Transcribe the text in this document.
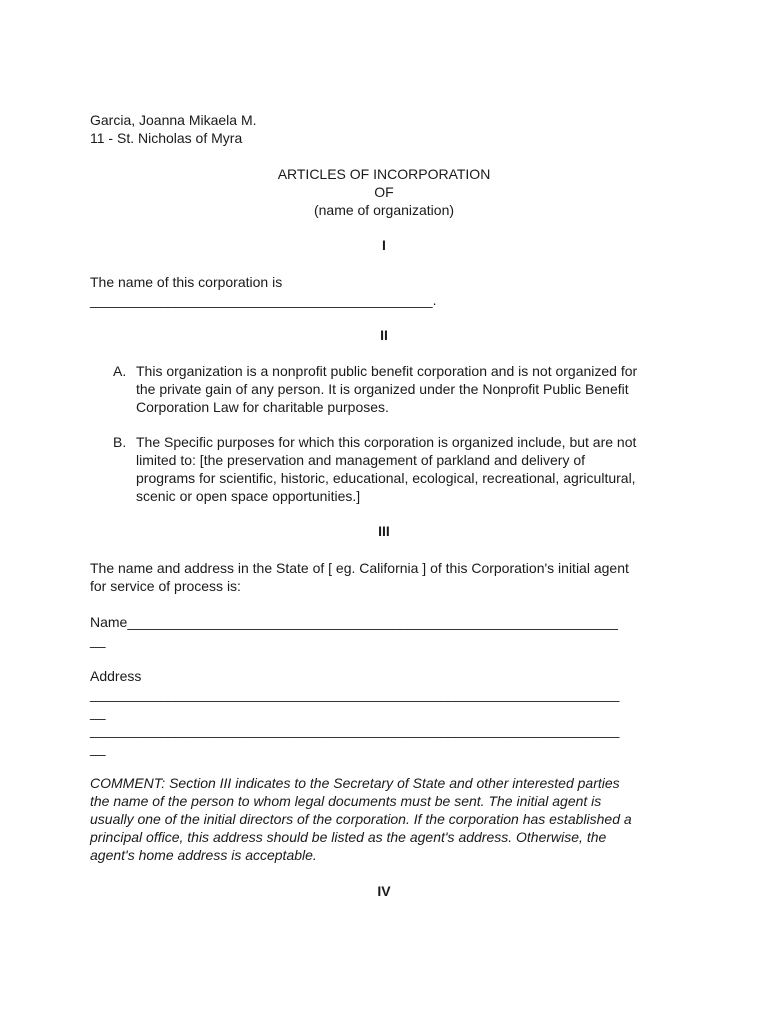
Garcia, Joanna Mikaela M.
11 - St. Nicholas of Myra
ARTICLES OF INCORPORATION
OF
(name of organization)
I
The name of this corporation is
____________________________________________.
II
A. This organization is a nonprofit public benefit corporation and is not organized for
the private gain of any person. It is organized under the Nonprofit Public Benefit
Corporation Law for charitable purposes.
B. The Specific purposes for which this corporation is organized include, but are not
limited to: [the preservation and management of parkland and delivery of
programs for scientific, historic, educational, ecological, recreational, agricultural,
scenic or open space opportunities.]
III
The name and address in the State of [ eg. California ] of this Corporation's initial agent
for service of process is:
Name_______________________________________________________________
__
Address
____________________________________________________________________
__
____________________________________________________________________
__
COMMENT: Section III indicates to the Secretary of State and other interested parties
the name of the person to whom legal documents must be sent. The initial agent is
usually one of the initial directors of the corporation. If the corporation has established a
principal office, this address should be listed as the agent's address. Otherwise, the
agent's home address is acceptable.
IV
